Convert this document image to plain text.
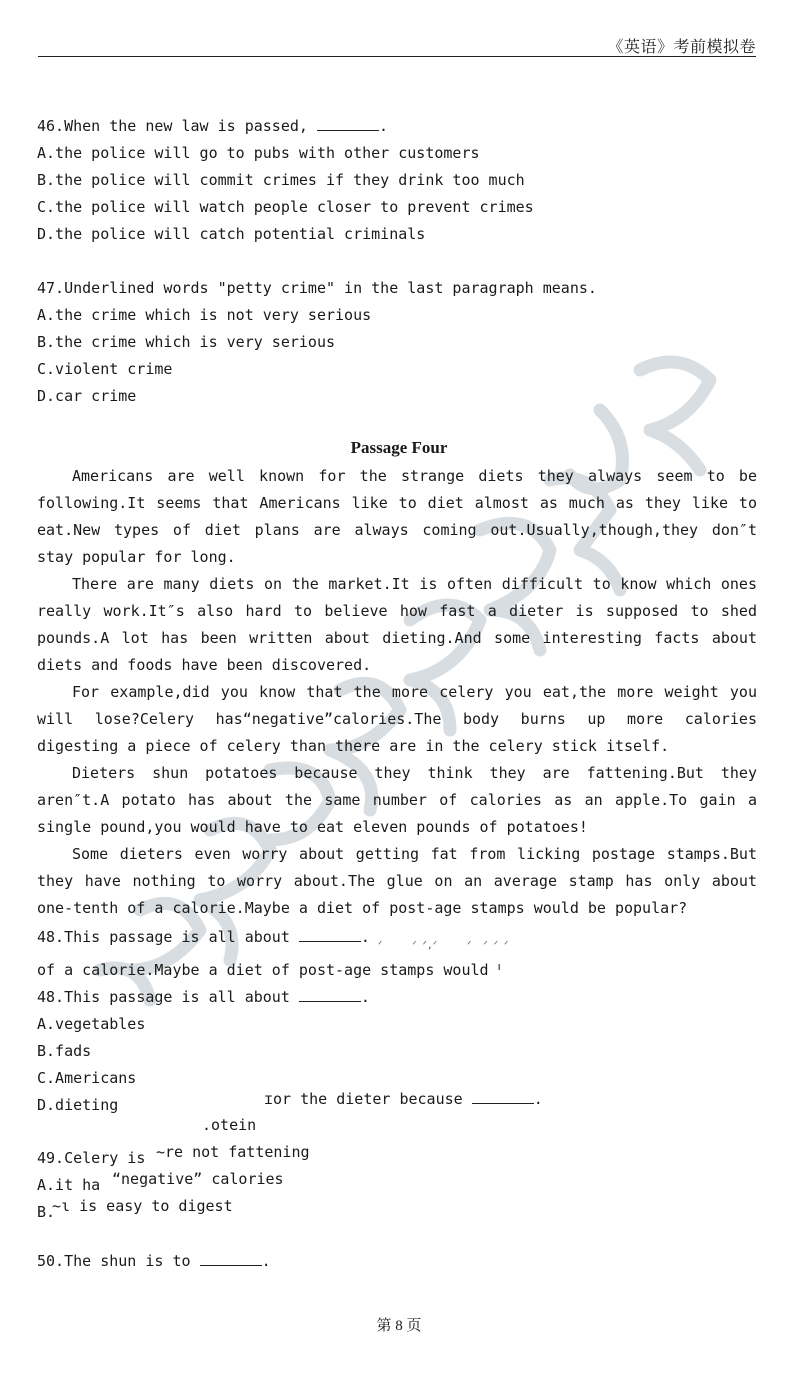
《英语》考前模拟卷
46.When the new law is passed,	.
A.the police will go to pubs with other customers
B.the police will commit crimes if they drink too much
C.the police will watch people closer to prevent crimes
D.the police will catch potential criminals
47.Underlined words "petty crime" in the last paragraph means.
A.the crime which is not very serious
B.the crime which is very serious
C.violent crime
D.car crime
Passage Four
Americans are well known for the strange diets they always seem to be following.It seems that Americans like to diet almost as much as they like to eat.New types of diet plans are always coming out.Usually,though,they don″t stay popular for long.
There are many diets on the market.It is often difficult to know which ones really work.It″s also hard to believe how fast a dieter is supposed to shed pounds.A lot has been written about dieting.And some interesting facts about diets and foods have been discovered.
For example,did you know that the more celery you eat,the more weight you will lose?Celery has“negative”calories.The body burns up more calories digesting a piece of celery than there are in the celery stick itself.
Dieters shun potatoes because they think they are fattening.But they aren″t.A potato has about the same number of calories as an apple.To gain a single pound,you would have to eat eleven pounds of potatoes!
Some dieters even worry about getting fat from licking postage stamps.But they have nothing to worry about.The glue on an average stamp has only about one-tenth of a calorie.Maybe a diet of post-age stamps would be popular?
48.This passage is all about	. ᐟ     ᐟ ᐟ,ᐟ     ᐟ  ᐟ ᐟ ᐟ
of a calorie.Maybe a diet of post-age stamps would ᑊ
48.This passage is all about	.
A.vegetables
B.fads
C.Americans
D.dieting	ɪor the dieter because	.
.otein
49.Celery is ~re not fattening
A.it ha “negative” calories
B.
~ɩ is easy to digest
50.The shun is to	.
第 8 页
